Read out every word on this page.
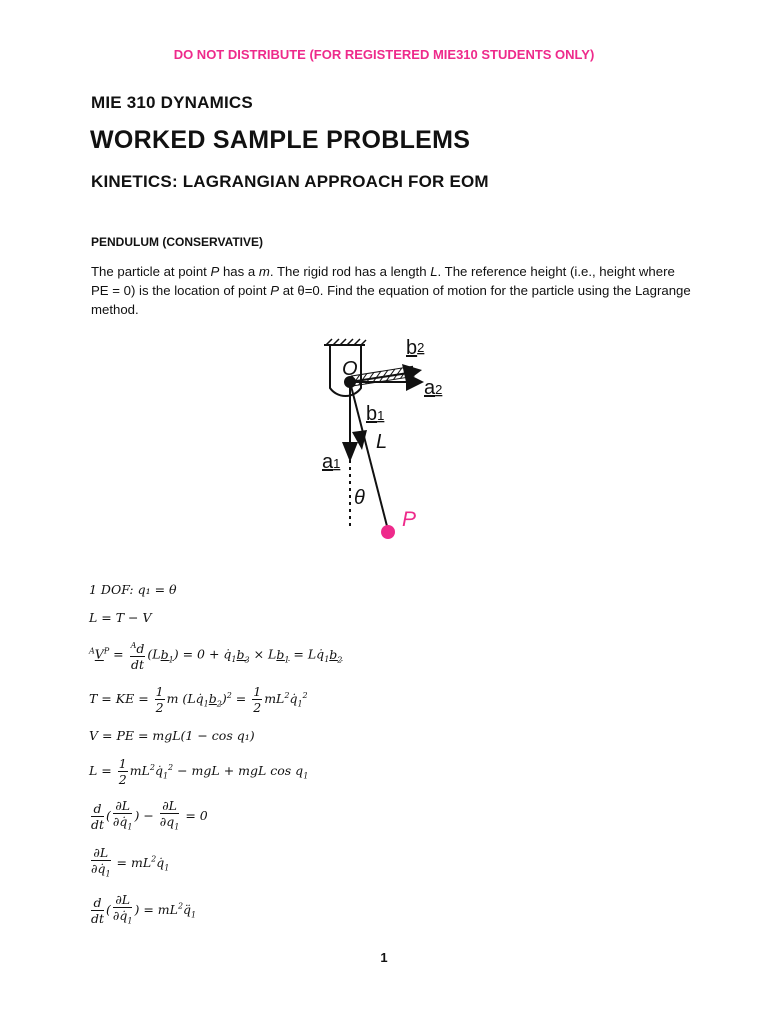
DO NOT DISTRIBUTE (FOR REGISTERED MIE310 STUDENTS ONLY)
MIE 310 DYNAMICS
WORKED SAMPLE PROBLEMS
KINETICS: LAGRANGIAN APPROACH FOR EOM
PENDULUM (CONSERVATIVE)
The particle at point P has a m. The rigid rod has a length L. The reference height (i.e., height where PE = 0) is the location of point P at θ=0. Find the equation of motion for the particle using the Lagrange method.
O
b2
a2
b1
L
a1
θ
P
1 DOF: q₁ = θ
L = T − V
$^AV^P = \frac{^Ad}{dt} (Lb_1) = 0$ + $q̇_1b_3 \times Lb_1$ = $Lq̇_1b_2$
T = KE = $\frac{1}{2}$ m $(Lq̇_1b_2)^2 = \frac{1}{2}$ $mL^2q̇_1^2$
V = PE = mgL(1 − cos q₁)
$L = \frac{1}{2}$ $mL^2q̇_1^2$ − mgL + mgL $\cos q_1$
$\frac{d}{dt}$ ( $\frac{\partial L}{\partial q̇_1}$ ) − $\frac{\partial L}{\partial q_1} = 0$
$\frac{\partial L}{\partial q̇_1}$ = $mL^2q̇_1$
$\frac{d}{dt}$ ( $\frac{\partial L}{\partial q̇_1}$ ) = $mL^2q̈_1$
1
